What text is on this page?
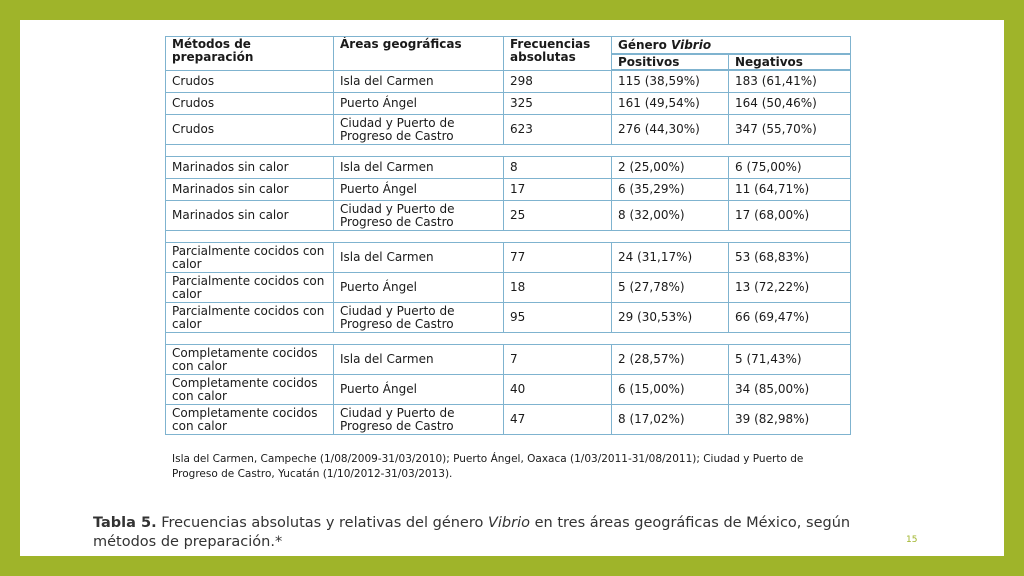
Métodos de preparación	Áreas geográficas	Frecuencias absolutas	Género Vibrio	
			Positivos	Negativos
Crudos	Isla del Carmen	298	115 (38,59%)	183 (61,41%)
Crudos	Puerto Ángel	325	161 (49,54%)	164 (50,46%)
Crudos	Ciudad y Puerto de Progreso de Castro	623	276 (44,30%)	347 (55,70%)

Marinados sin calor	Isla del Carmen	8	2 (25,00%)	6 (75,00%)
Marinados sin calor	Puerto Ángel	17	6 (35,29%)	11 (64,71%)
Marinados sin calor	Ciudad y Puerto de Progreso de Castro	25	8 (32,00%)	17 (68,00%)

Parcialmente cocidos con calor	Isla del Carmen	77	24 (31,17%)	53 (68,83%)
Parcialmente cocidos con calor	Puerto Ángel	18	5 (27,78%)	13 (72,22%)
Parcialmente cocidos con calor	Ciudad y Puerto de Progreso de Castro	95	29 (30,53%)	66 (69,47%)

Completamente cocidos con calor	Isla del Carmen	7	2 (28,57%)	5 (71,43%)
Completamente cocidos con calor	Puerto Ángel	40	6 (15,00%)	34 (85,00%)
Completamente cocidos con calor	Ciudad y Puerto de Progreso de Castro	47	8 (17,02%)	39 (82,98%)
Isla del Carmen, Campeche (1/08/2009-31/03/2010); Puerto Ángel, Oaxaca (1/03/2011-31/08/2011); Ciudad y Puerto de Progreso de Castro, Yucatán (1/10/2012-31/03/2013).
Tabla 5. Frecuencias absolutas y relativas del género Vibrio en tres áreas geográficas de México, según métodos de preparación.*	15
